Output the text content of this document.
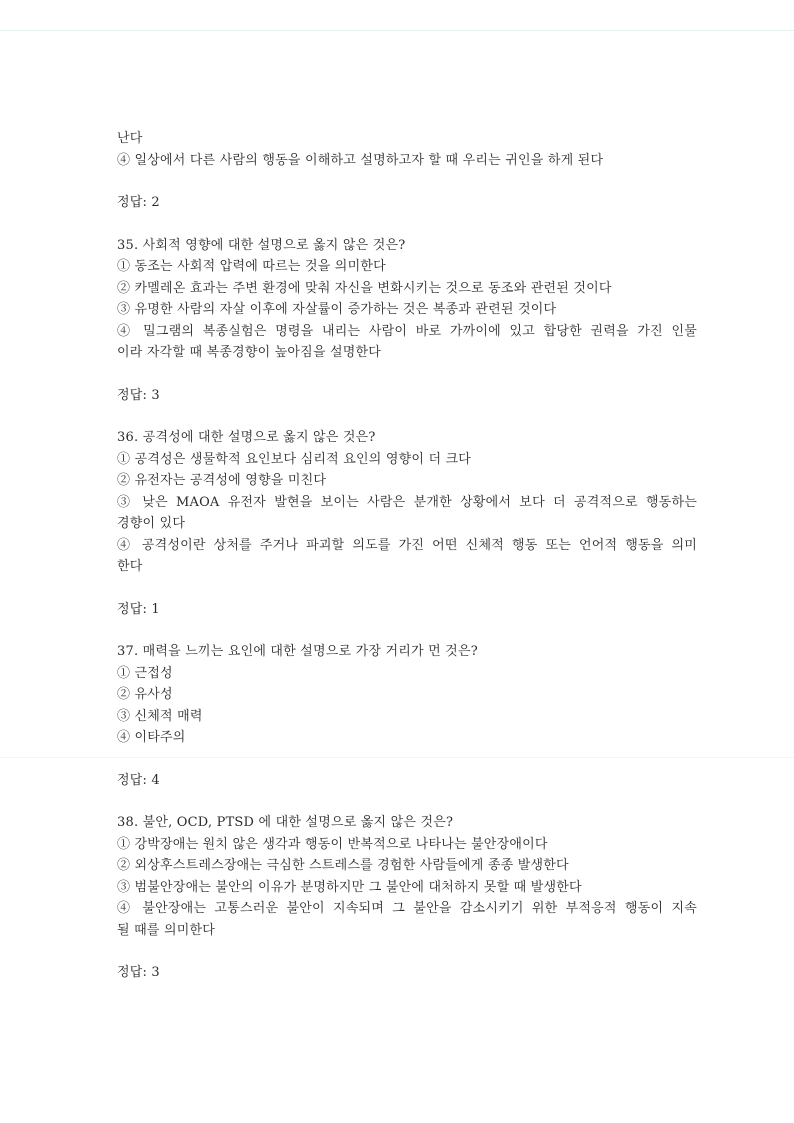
난다
④ 일상에서 다른 사람의 행동을 이해하고 설명하고자 할 때 우리는 귀인을 하게 된다
정답: 2
35. 사회적 영향에 대한 설명으로 옳지 않은 것은?
① 동조는 사회적 압력에 따르는 것을 의미한다
② 카멜레온 효과는 주변 환경에 맞춰 자신을 변화시키는 것으로 동조와 관련된 것이다
③ 유명한 사람의 자살 이후에 자살률이 증가하는 것은 복종과 관련된 것이다
④ 밀그램의 복종실험은 명령을 내리는 사람이 바로 가까이에 있고 합당한 권력을 가진 인물
이라 자각할 때 복종경향이 높아짐을 설명한다
정답: 3
36. 공격성에 대한 설명으로 옳지 않은 것은?
① 공격성은 생물학적 요인보다 심리적 요인의 영향이 더 크다
② 유전자는 공격성에 영향을 미친다
③ 낮은 MAOA 유전자 발현을 보이는 사람은 분개한 상황에서 보다 더 공격적으로 행동하는
경향이 있다
④ 공격성이란 상처를 주거나 파괴할 의도를 가진 어떤 신체적 행동 또는 언어적 행동을 의미
한다
정답: 1
37. 매력을 느끼는 요인에 대한 설명으로 가장 거리가 먼 것은?
① 근접성
② 유사성
③ 신체적 매력
④ 이타주의
정답: 4
38. 불안, OCD, PTSD 에 대한 설명으로 옳지 않은 것은?
① 강박장애는 원치 않은 생각과 행동이 반복적으로 나타나는 불안장애이다
② 외상후스트레스장애는 극심한 스트레스를 경험한 사람들에게 종종 발생한다
③ 범불안장애는 불안의 이유가 분명하지만 그 불안에 대처하지 못할 때 발생한다
④ 불안장애는 고통스러운 불안이 지속되며 그 불안을 감소시키기 위한 부적응적 행동이 지속
될 때를 의미한다
정답: 3
